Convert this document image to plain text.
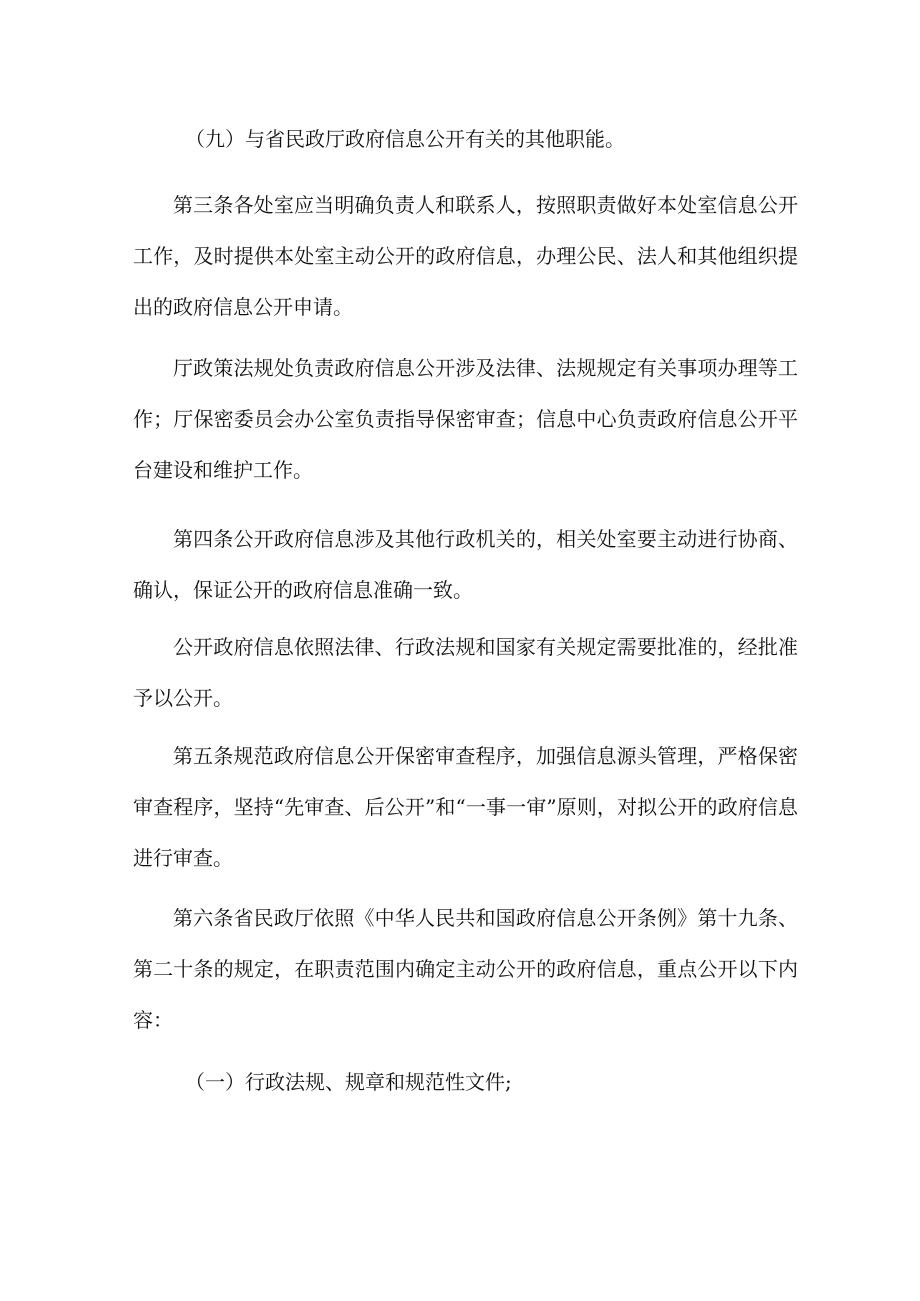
（九）与省民政厅政府信息公开有关的其他职能。

第三条各处室应当明确负责人和联系人，按照职责做好本处室信息公开工作，及时提供本处室主动公开的政府信息，办理公民、法人和其他组织提出的政府信息公开申请。

厅政策法规处负责政府信息公开涉及法律、法规规定有关事项办理等工作；厅保密委员会办公室负责指导保密审查；信息中心负责政府信息公开平台建设和维护工作。

第四条公开政府信息涉及其他行政机关的，相关处室要主动进行协商、确认，保证公开的政府信息准确一致。

公开政府信息依照法律、行政法规和国家有关规定需要批准的，经批准予以公开。

第五条规范政府信息公开保密审查程序，加强信息源头管理，严格保密审查程序，坚持“先审查、后公开”和“一事一审”原则，对拟公开的政府信息进行审查。

第六条省民政厅依照《中华人民共和国政府信息公开条例》第十九条、第二十条的规定，在职责范围内确定主动公开的政府信息，重点公开以下内容：

（一）行政法规、规章和规范性文件;
